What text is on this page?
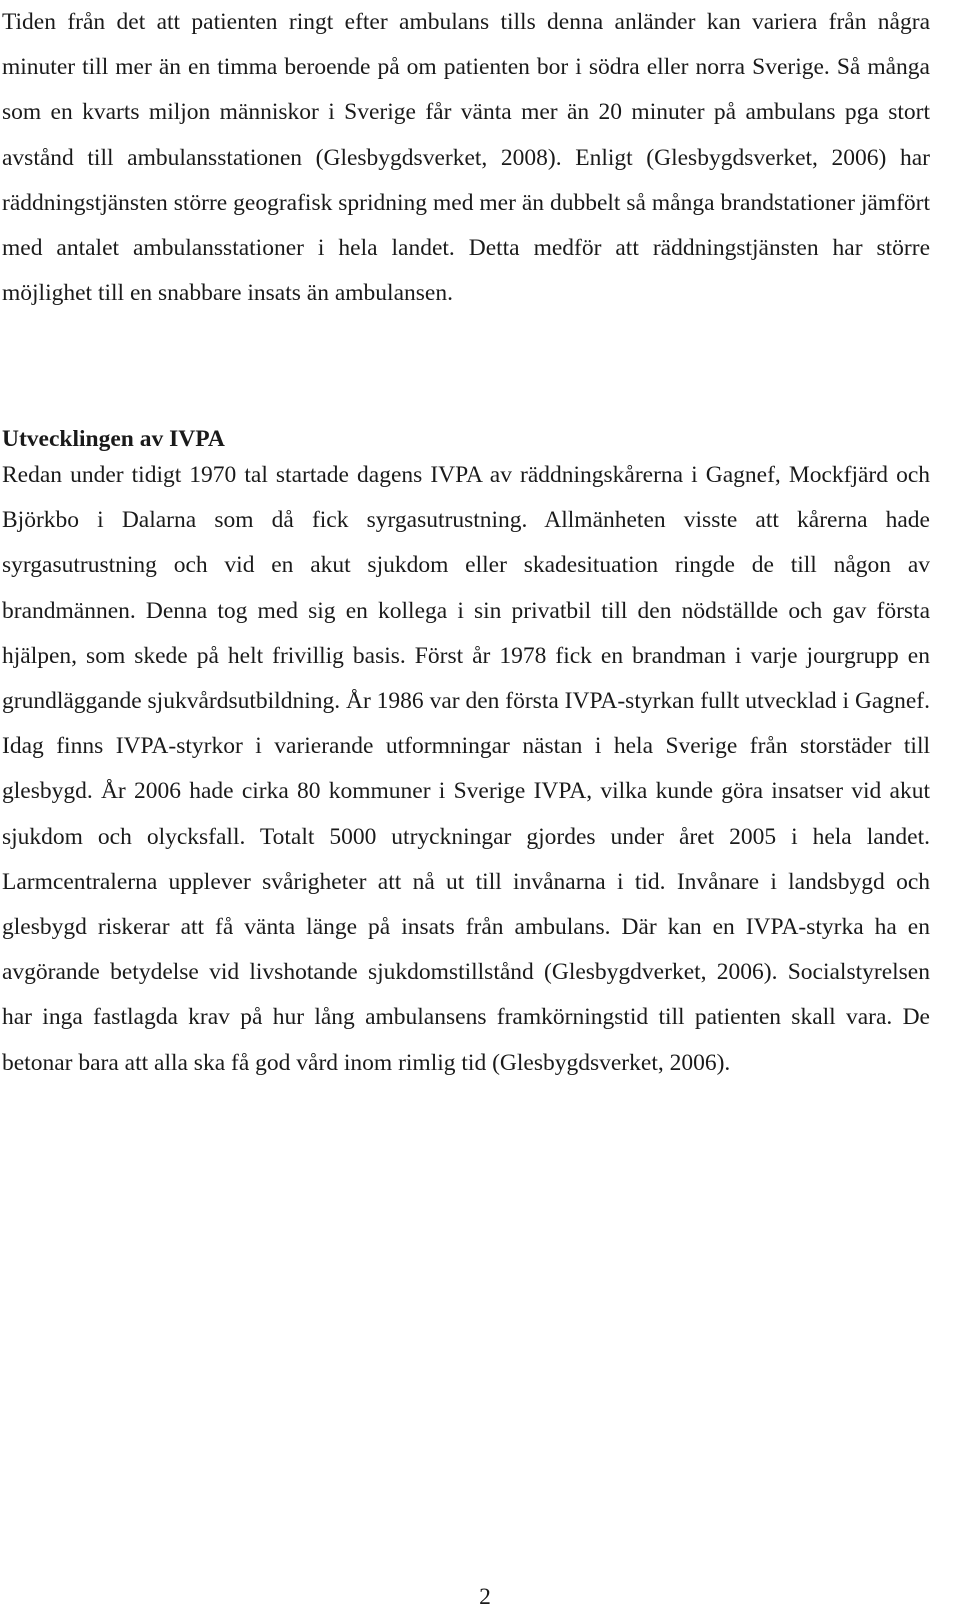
Tiden från det att patienten ringt efter ambulans tills denna anländer kan variera från några minuter till mer än en timma beroende på om patienten bor i södra eller norra Sverige. Så många som en kvarts miljon människor i Sverige får vänta mer än 20 minuter på ambulans pga stort avstånd till ambulansstationen (Glesbygdsverket, 2008). Enligt (Glesbygdsverket, 2006) har räddningstjänsten större geografisk spridning med mer än dubbelt så många brandstationer jämfört med antalet ambulansstationer i hela landet. Detta medför att räddningstjänsten har större möjlighet till en snabbare insats än ambulansen.

Utvecklingen av IVPA

Redan under tidigt 1970 tal startade dagens IVPA av räddningskårerna i Gagnef, Mockfjärd och Björkbo i Dalarna som då fick syrgasutrustning. Allmänheten visste att kårerna hade syrgasutrustning och vid en akut sjukdom eller skadesituation ringde de till någon av brandmännen. Denna tog med sig en kollega i sin privatbil till den nödställde och gav första hjälpen, som skede på helt frivillig basis. Först år 1978 fick en brandman i varje jourgrupp en grundläggande sjukvårdsutbildning. År 1986 var den första IVPA-styrkan fullt utvecklad i Gagnef. Idag finns IVPA-styrkor i varierande utformningar nästan i hela Sverige från storstäder till glesbygd. År 2006 hade cirka 80 kommuner i Sverige IVPA, vilka kunde göra insatser vid akut sjukdom och olycksfall. Totalt 5000 utryckningar gjordes under året 2005 i hela landet. Larmcentralerna upplever svårigheter att nå ut till invånarna i tid. Invånare i landsbygd och glesbygd riskerar att få vänta länge på insats från ambulans. Där kan en IVPA-styrka ha en avgörande betydelse vid livshotande sjukdomstillstånd (Glesbygdverket, 2006). Socialstyrelsen har inga fastlagda krav på hur lång ambulansens framkörningstid till patienten skall vara. De betonar bara att alla ska få god vård inom rimlig tid (Glesbygdsverket, 2006).

2
